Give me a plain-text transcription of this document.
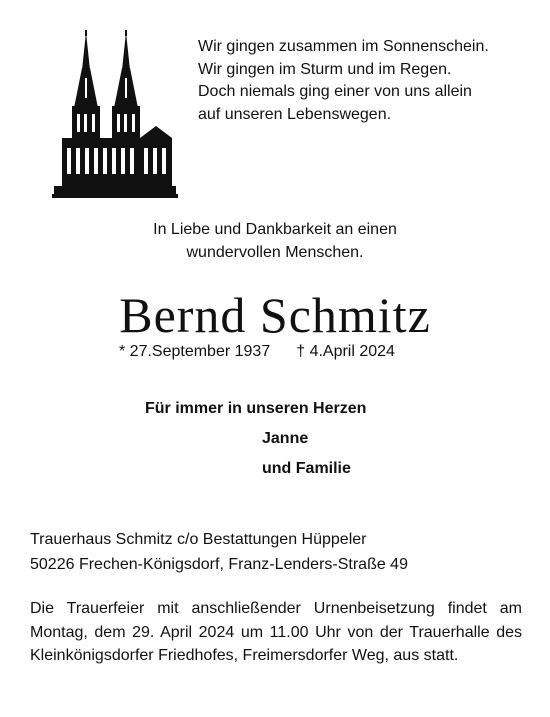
Wir gingen zusammen im Sonnenschein.
Wir gingen im Sturm und im Regen.
Doch niemals ging einer von uns allein
auf unseren Lebenswegen.
In Liebe und Dankbarkeit an einen
wundervollen Menschen.
Bernd Schmitz
* 27.September 1937 † 4.April 2024
Für immer in unseren Herzen
Janne
und Familie
Trauerhaus Schmitz c/o Bestattungen Hüppeler
50226 Frechen-Königsdorf, Franz-Lenders-Straße 49
Die Trauerfeier mit anschließender Urnenbeisetzung findet am Montag, dem 29. April 2024 um 11.00 Uhr von der Trauerhalle des Kleinkönigsdorfer Friedhofes, Freimersdorfer Weg, aus statt.
